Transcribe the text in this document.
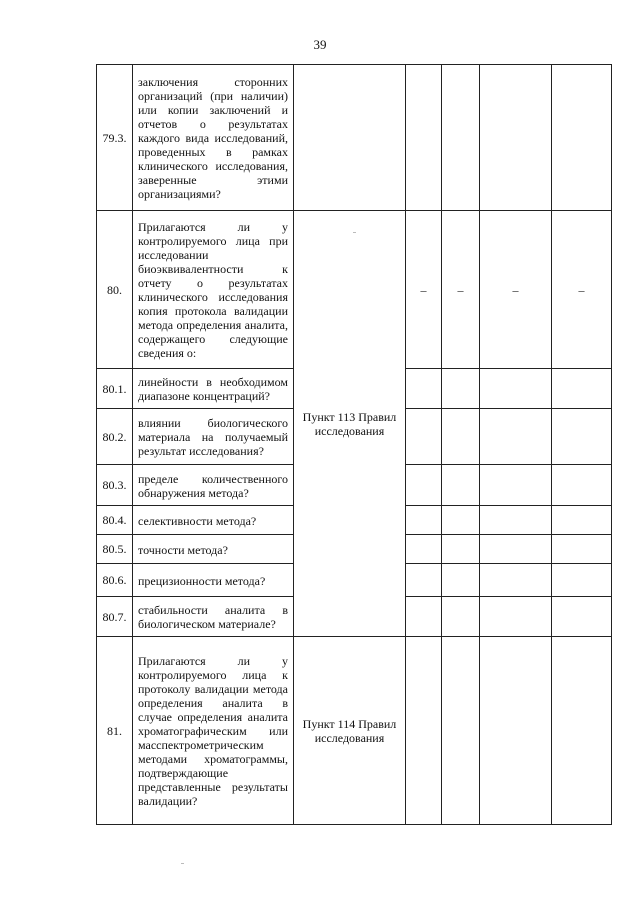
39
79.3.	заключения сторонних организаций (при наличии) или копии заключений и отчетов о результатах каждого вида исследований, проведенных в рамках клинического исследования, заверенные этими организациями?					
80.	Прилагаются ли у контролируемого лица при исследовании биоэквивалентности к отчету о результатах клинического исследования копия протокола валидации метода определения аналита, содержащего следующие сведения о:	Пункт 113 Правил исследования	–	–	–	–
80.1.	линейности в необходимом диапазоне концентраций?					
80.2.	влиянии биологического материала на получаемый результат исследования?					
80.3.	пределе количественного обнаружения метода?					
80.4.	селективности метода?					
80.5.	точности метода?					
80.6.	прецизионности метода?					
80.7.	стабильности аналита в биологическом материале?					
81.	Прилагаются ли у контролируемого лица к протоколу валидации метода определения аналита в случае определения аналита хроматографическим или масспектрометрическим методами хроматограммы, подтверждающие представленные результаты валидации?	Пункт 114 Правил исследования				
